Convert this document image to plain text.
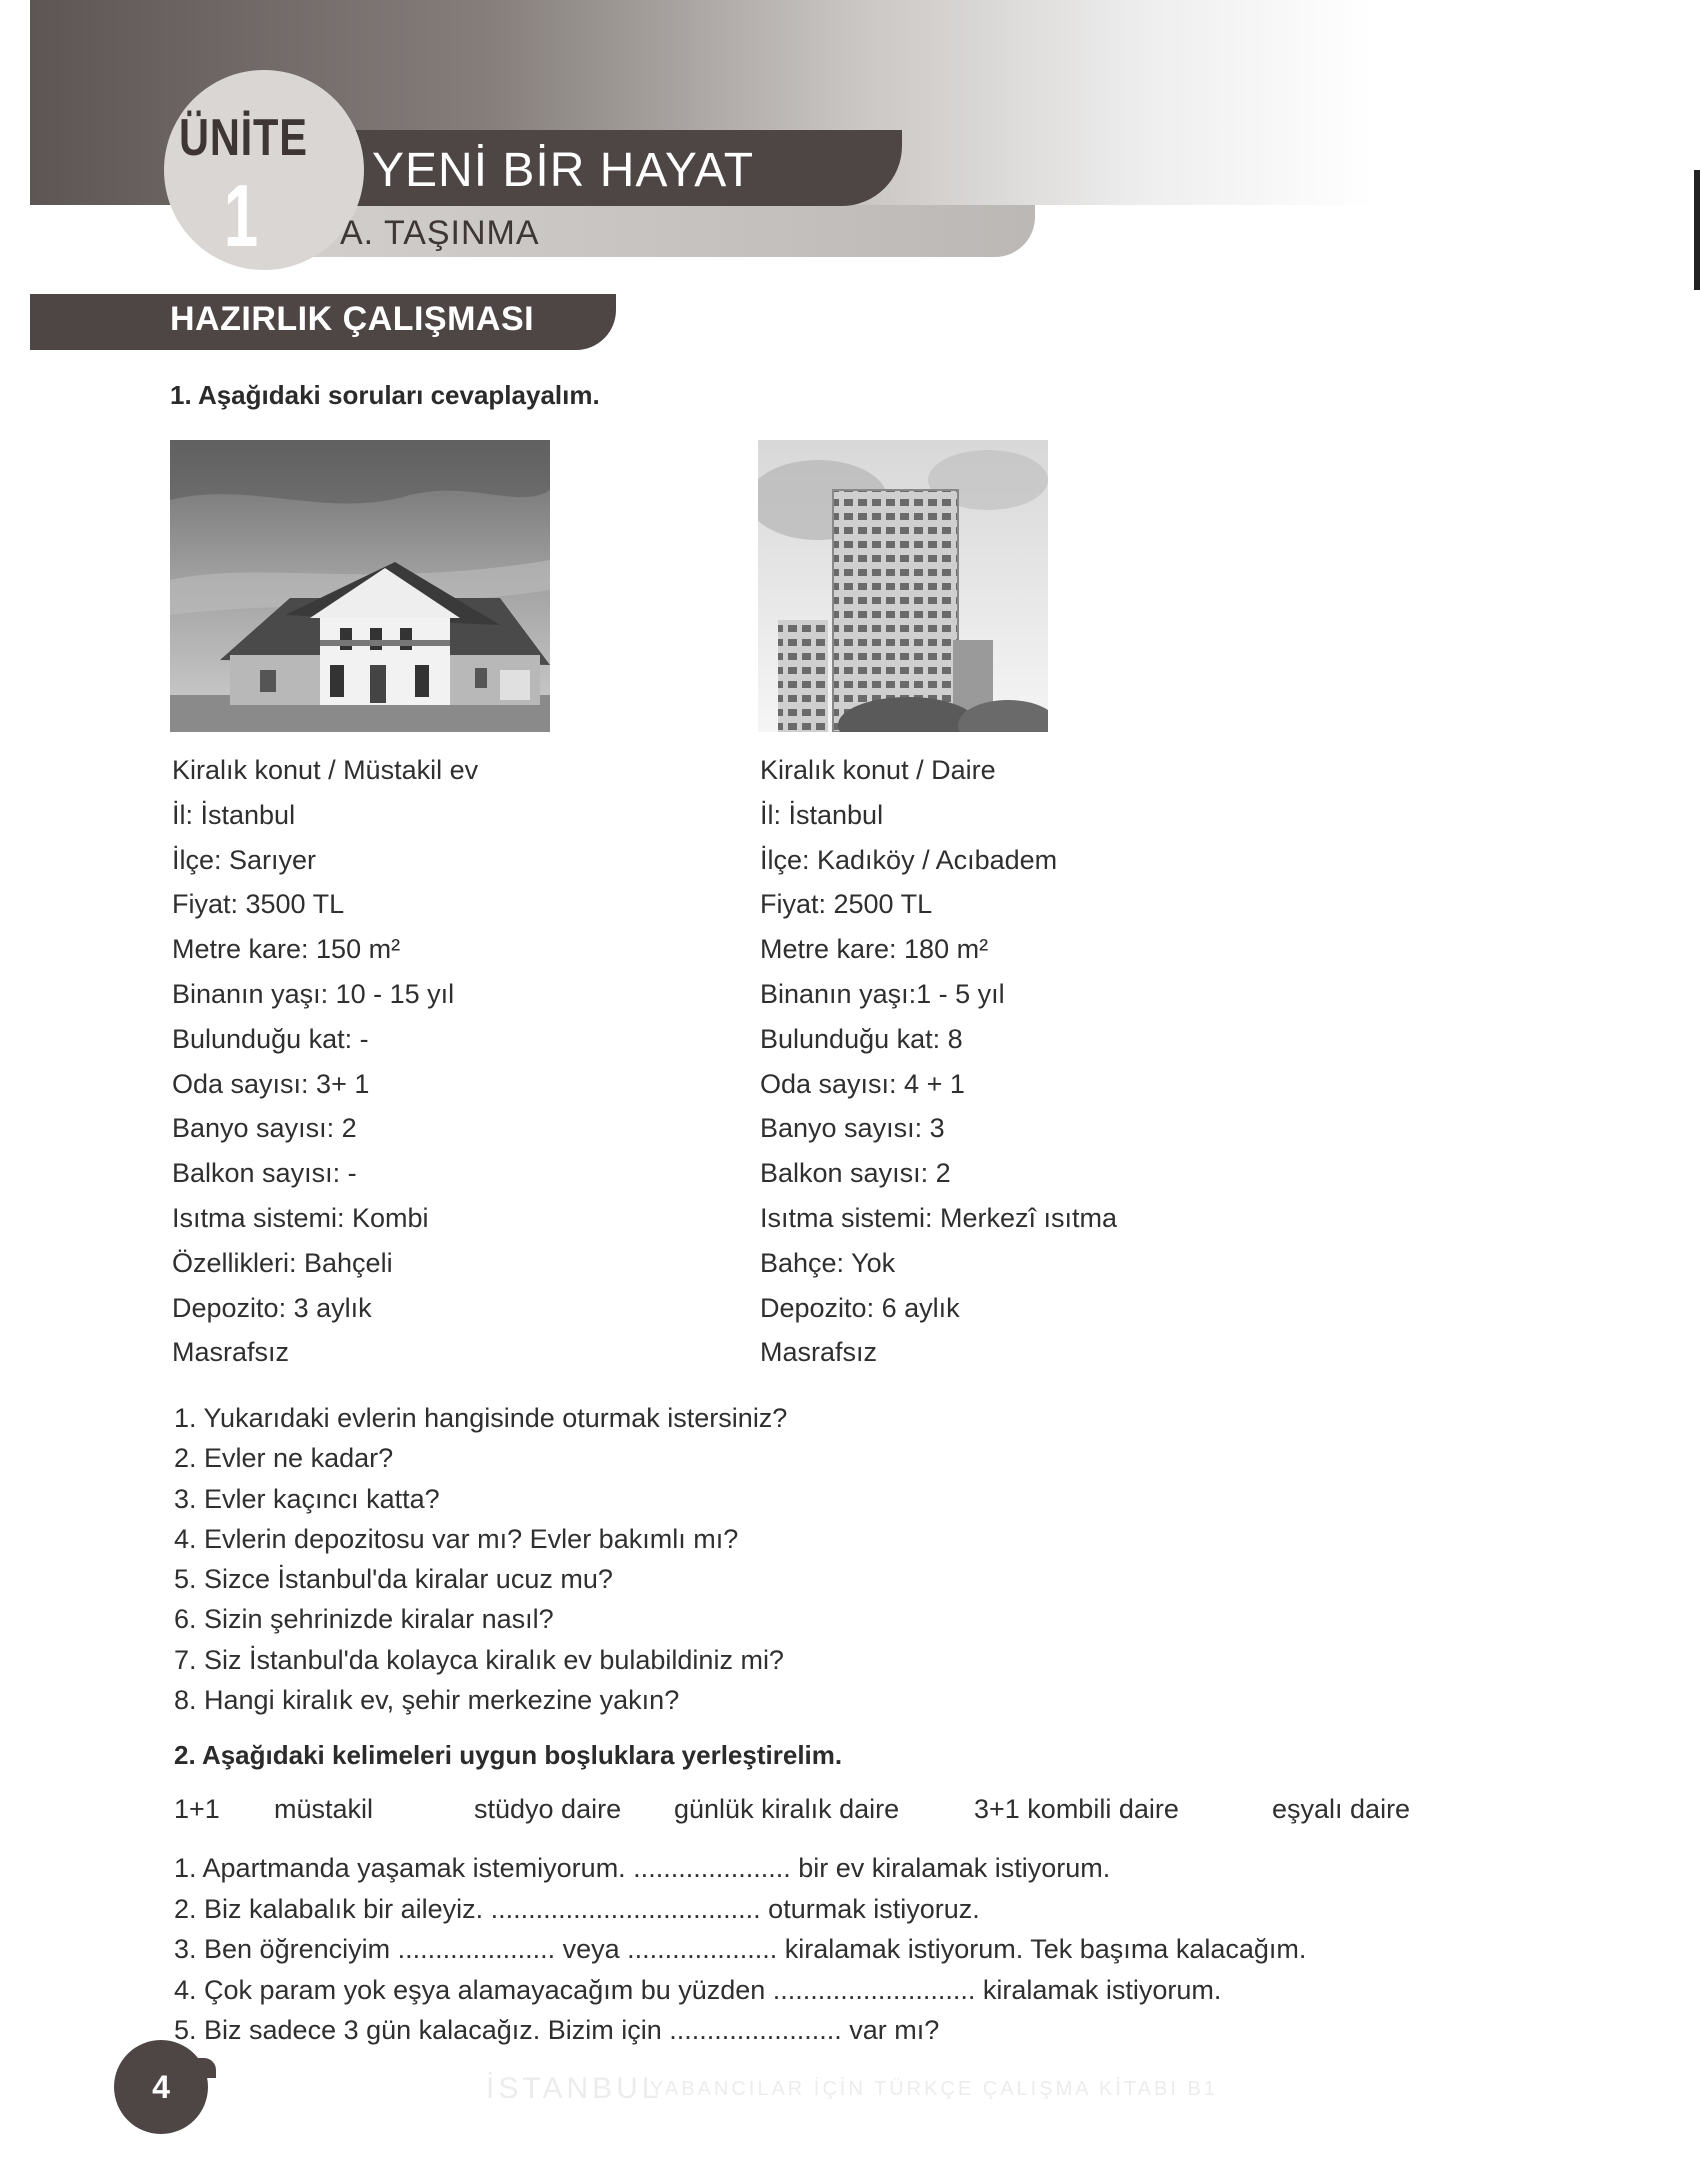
ÜNİTE
1 YENİ BİR HAYAT
A. TAŞINMA
HAZIRLIK ÇALIŞMASI
1. Aşağıdaki soruları cevaplayalım.
Kiralık konut / Müstakil ev
İl: İstanbul
İlçe: Sarıyer
Fiyat: 3500 TL
Metre kare: 150 m²
Binanın yaşı: 10 - 15 yıl
Bulunduğu kat: -
Oda sayısı: 3+ 1
Banyo sayısı: 2
Balkon sayısı: -
Isıtma sistemi: Kombi
Özellikleri: Bahçeli
Depozito: 3 aylık
Masrafsız
Kiralık konut / Daire
İl: İstanbul
İlçe: Kadıköy / Acıbadem
Fiyat: 2500 TL
Metre kare: 180 m²
Binanın yaşı:1 - 5 yıl
Bulunduğu kat: 8
Oda sayısı: 4 + 1
Banyo sayısı: 3
Balkon sayısı: 2
Isıtma sistemi: Merkezî ısıtma
Bahçe: Yok
Depozito: 6 aylık
Masrafsız
1. Yukarıdaki evlerin hangisinde oturmak istersiniz?
2. Evler ne kadar?
3. Evler kaçıncı katta?
4. Evlerin depozitosu var mı? Evler bakımlı mı?
5. Sizce İstanbul'da kiralar ucuz mu?
6. Sizin şehrinizde kiralar nasıl?
7. Siz İstanbul'da kolayca kiralık ev bulabildiniz mi?
8. Hangi kiralık ev, şehir merkezine yakın?
2. Aşağıdaki kelimeleri uygun boşluklara yerleştirelim.
1+1 müstakil	stüdyo daire günlük kiralık daire	3+1 kombili daire	eşyalı daire
1. Apartmanda yaşamak istemiyorum. ..................... bir ev kiralamak istiyorum.
2. Biz kalabalık bir aileyiz. .................................... oturmak istiyoruz.
3. Ben öğrenciyim ..................... veya .................... kiralamak istiyorum. Tek başıma kalacağım.
4. Çok param yok eşya alamayacağım bu yüzden ........................... kiralamak istiyorum.
5. Biz sadece 3 gün kalacağız. Bizim için ....................... var mı?
4	İSTANBUL
YABANCILAR İÇİN TÜRKÇE ÇALIŞMA KİTABI B1
